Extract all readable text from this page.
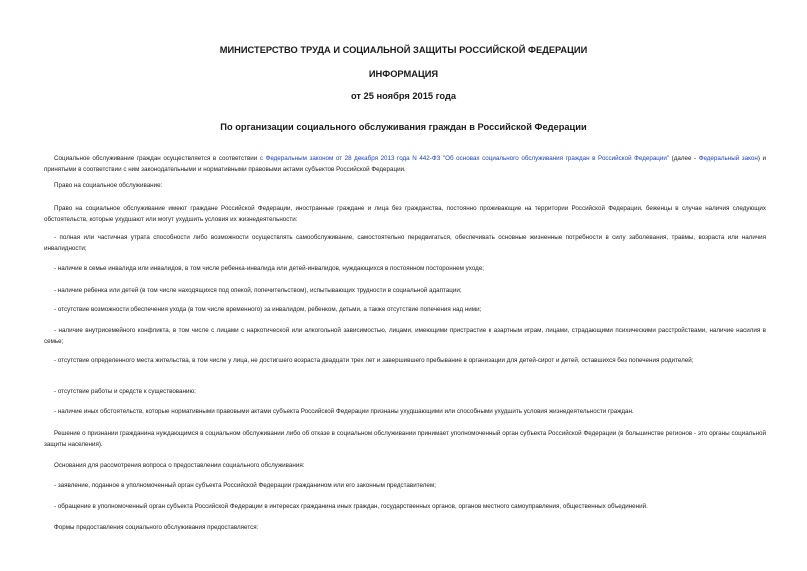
МИНИСТЕРСТВО ТРУДА И СОЦИАЛЬНОЙ ЗАЩИТЫ РОССИЙСКОЙ ФЕДЕРАЦИИ
ИНФОРМАЦИЯ
от 25 ноября 2015 года
По организации социального обслуживания граждан в Российской Федерации

Социальное обслуживание граждан осуществляется в соответствии с Федеральным законом от 28 декабря 2013 года N 442-ФЗ "Об основах социального обслуживания граждан в Российской Федерации" (далее - Федеральный закон) и принятыми в соответствии с ним законодательными и нормативными правовыми актами субъектов Российской Федерации.

Право на социальное обслуживание:

Право на социальное обслуживание имеют граждане Российской Федерации, иностранные граждане и лица без гражданства, постоянно проживающие на территории Российской Федерации, беженцы в случае наличия следующих обстоятельств, которые ухудшают или могут ухудшить условия их жизнедеятельности:

- полная или частичная утрата способности либо возможности осуществлять самообслуживание, самостоятельно передвигаться, обеспечивать основные жизненные потребности в силу заболевания, травмы, возраста или наличия инвалидности;

- наличие в семье инвалида или инвалидов, в том числе ребенка-инвалида или детей-инвалидов, нуждающихся в постоянном постороннем уходе;

- наличие ребенка или детей (в том числе находящихся под опекой, попечительством), испытывающих трудности в социальной адаптации;

- отсутствие возможности обеспечения ухода (в том числе временного) за инвалидом, ребенком, детьми, а также отсутствие попечения над ними;

- наличие внутрисемейного конфликта, в том числе с лицами с наркотической или алкогольной зависимостью, лицами, имеющими пристрастие к азартным играм, лицами, страдающими психическими расстройствами, наличие насилия в семье;

- отсутствие определенного места жительства, в том числе у лица, не достигшего возраста двадцати трех лет и завершившего пребывание в организации для детей-сирот и детей, оставшихся без попечения родителей;

- отсутствие работы и средств к существованию;

- наличие иных обстоятельств, которые нормативными правовыми актами субъекта Российской Федерации признаны ухудшающими или способными ухудшить условия жизнедеятельности граждан.

Решение о признании гражданина нуждающимся в социальном обслуживании либо об отказе в социальном обслуживании принимает уполномоченный орган субъекта Российской Федерации (в большинстве регионов - это органы социальной защиты населения).

Основания для рассмотрения вопроса о предоставлении социального обслуживания:

- заявление, поданное в уполномоченный орган субъекта Российской Федерации гражданином или его законным представителем;

- обращение в уполномоченный орган субъекта Российской Федерации в интересах гражданина иных граждан, государственных органов, органов местного самоуправления, общественных объединений.

Формы предоставления социального обслуживания предоставляется:
